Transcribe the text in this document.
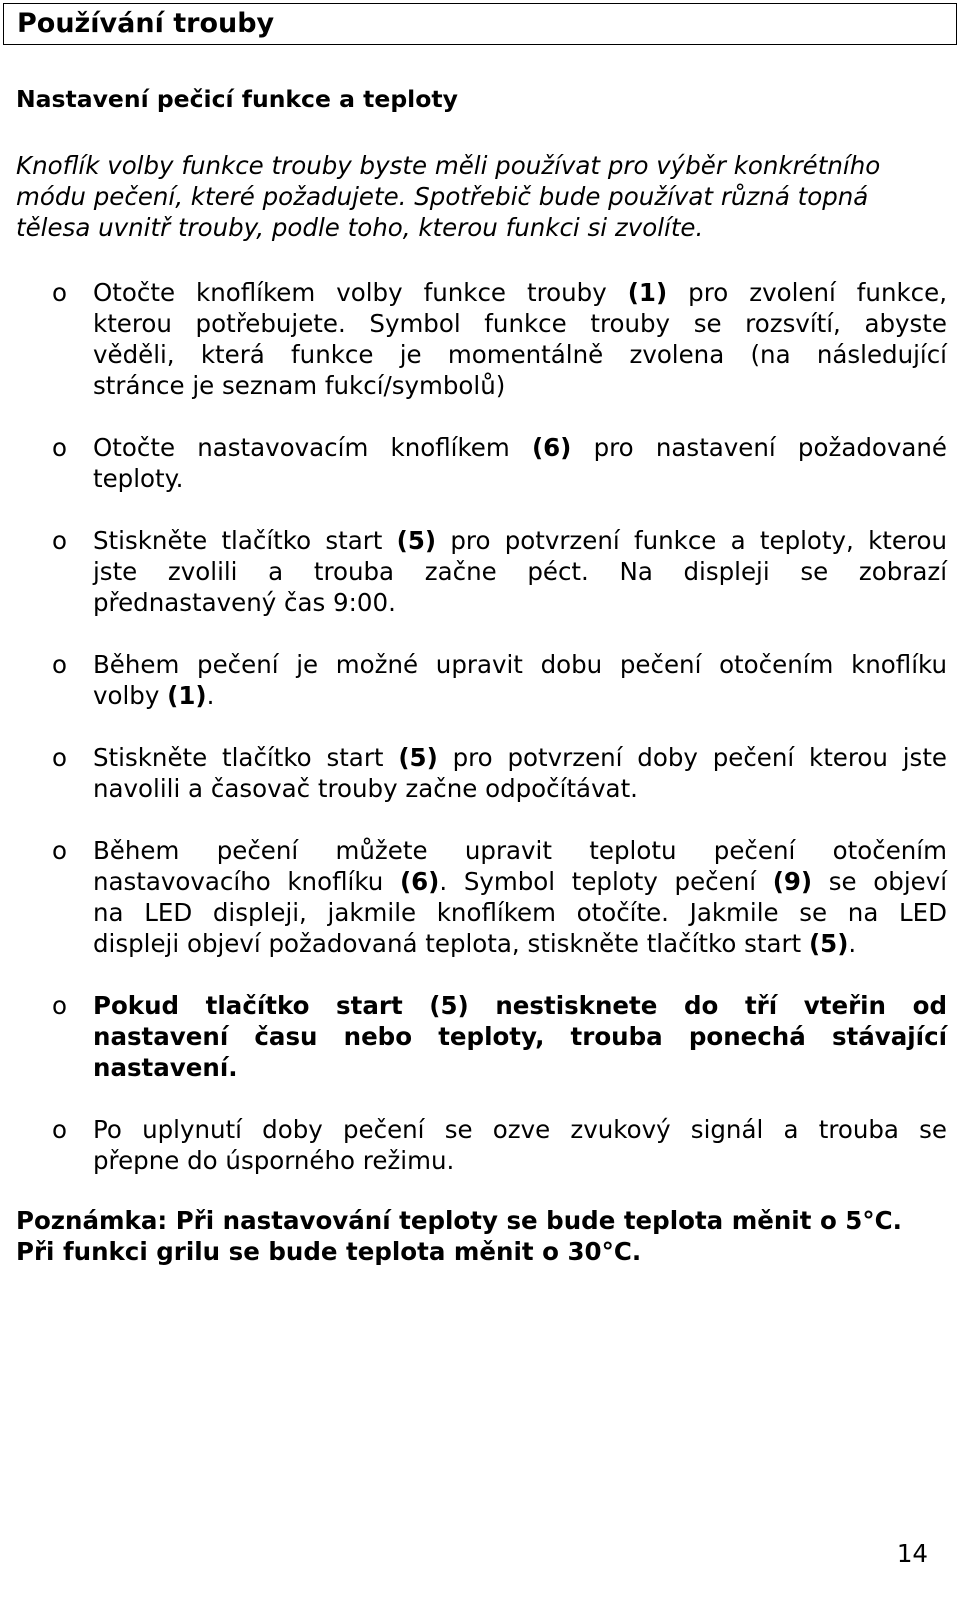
Používání trouby
Nastavení pečicí funkce a teploty
Knoflík volby funkce trouby byste měli používat pro výběr konkrétního
módu pečení, které požadujete. Spotřebič bude používat různá topná
tělesa uvnitř trouby, podle toho, kterou funkci si zvolíte.
o Otočte knoflíkem volby funkce trouby (1) pro zvolení funkce,
kterou potřebujete. Symbol funkce trouby se rozsvítí, abyste
věděli, která funkce je momentálně zvolena (na následující
stránce je seznam fukcí/symbolů)
o Otočte nastavovacím knoflíkem (6) pro nastavení požadované
teploty.
o Stiskněte tlačítko start (5) pro potvrzení funkce a teploty, kterou
jste zvolili a trouba začne péct. Na displeji se zobrazí
přednastavený čas 9:00.
o Během pečení je možné upravit dobu pečení otočením knoflíku
volby (1).
o Stiskněte tlačítko start (5) pro potvrzení doby pečení kterou jste
navolili a časovač trouby začne odpočítávat.
o Během pečení můžete upravit teplotu pečení otočením
nastavovacího knoflíku (6). Symbol teploty pečení (9) se objeví
na LED displeji, jakmile knoflíkem otočíte. Jakmile se na LED
displeji objeví požadovaná teplota, stiskněte tlačítko start (5).
o Pokud tlačítko start (5) nestisknete do tří vteřin od
nastavení času nebo teploty, trouba ponechá stávající
nastavení.
o Po uplynutí doby pečení se ozve zvukový signál a trouba se
přepne do úsporného režimu.
Poznámka: Při nastavování teploty se bude teplota měnit o 5°C.
Při funkci grilu se bude teplota měnit o 30°C.
14
